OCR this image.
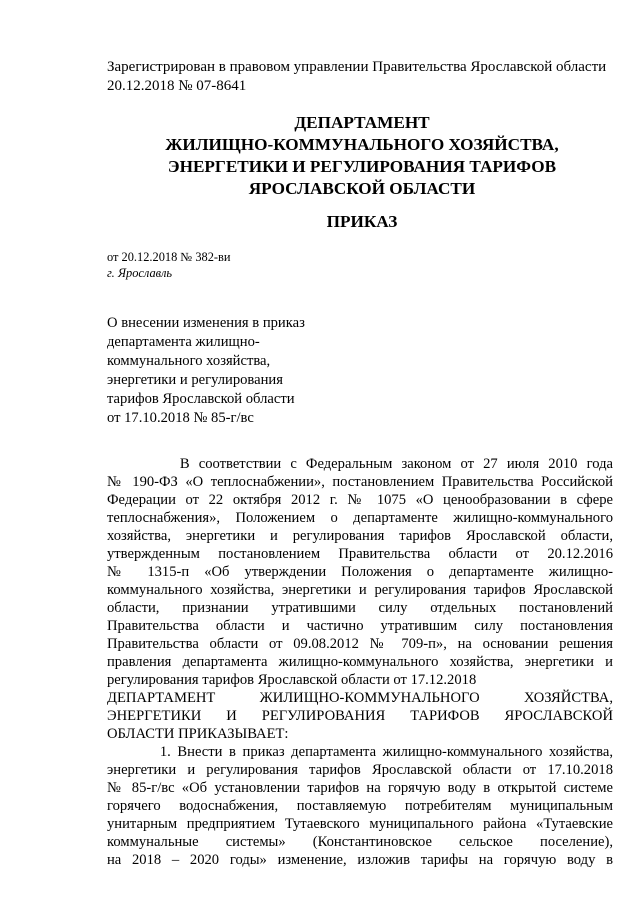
Зарегистрирован в правовом управлении Правительства Ярославской области
20.12.2018 № 07-8641
ДЕПАРТАМЕНТ
ЖИЛИЩНО-КОММУНАЛЬНОГО ХОЗЯЙСТВА,
ЭНЕРГЕТИКИ И РЕГУЛИРОВАНИЯ ТАРИФОВ
ЯРОСЛАВСКОЙ ОБЛАСТИ
ПРИКАЗ
от 20.12.2018 № 382-ви
г. Ярославль
О внесении изменения в приказ
департамента жилищно-
коммунального хозяйства,
энергетики и регулирования
тарифов Ярославской области
от 17.10.2018 № 85-г/вс
В соответствии с Федеральным законом от 27 июля 2010 года
№ 190-ФЗ «О теплоснабжении», постановлением Правительства Российской
Федерации от 22 октября 2012 г. № 1075 «О ценообразовании в сфере
теплоснабжения», Положением о департаменте жилищно-коммунального
хозяйства, энергетики и регулирования тарифов Ярославской области,
утвержденным постановлением Правительства области от 20.12.2016
№ 1315-п «Об утверждении Положения о департаменте жилищно-
коммунального хозяйства, энергетики и регулирования тарифов Ярославской
области, признании утратившими силу отдельных постановлений
Правительства области и частично утратившим силу постановления
Правительства области от 09.08.2012 № 709-п», на основании решения
правления департамента жилищно-коммунального хозяйства, энергетики и
регулирования тарифов Ярославской области от 17.12.2018
ДЕПАРТАМЕНТ ЖИЛИЩНО-КОММУНАЛЬНОГО ХОЗЯЙСТВА,
ЭНЕРГЕТИКИ И РЕГУЛИРОВАНИЯ ТАРИФОВ ЯРОСЛАВСКОЙ
ОБЛАСТИ ПРИКАЗЫВАЕТ:
1. Внести в приказ департамента жилищно-коммунального хозяйства,
энергетики и регулирования тарифов Ярославской области от 17.10.2018
№ 85-г/вс «Об установлении тарифов на горячую воду в открытой системе
горячего водоснабжения, поставляемую потребителям муниципальным
унитарным предприятием Тутаевского муниципального района «Тутаевские
коммунальные системы» (Константиновское сельское поселение),
на 2018 – 2020 годы» изменение, изложив тарифы на горячую воду в
